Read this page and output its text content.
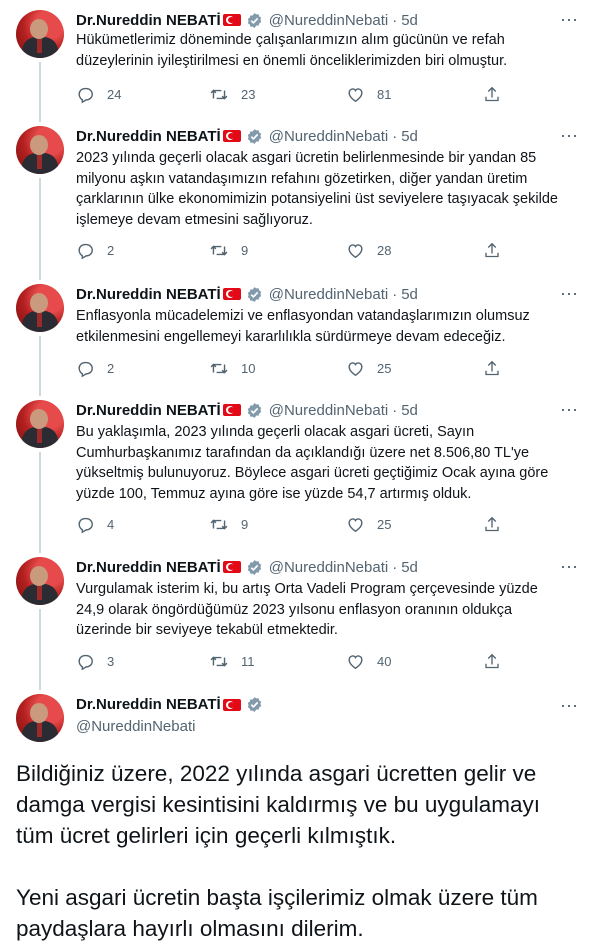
Dr.Nureddin NEBATİ	@NureddinNebati · 5d	⋯
Hükümetlerimiz döneminde çalışanlarımızın alım gücünün ve refah
düzeylerinin iyileştirilmesi en önemli önceliklerimizden biri olmuştur.
24	23	81
Dr.Nureddin NEBATİ	@NureddinNebati · 5d	⋯
2023 yılında geçerli olacak asgari ücretin belirlenmesinde bir yandan 85
milyonu aşkın vatandaşımızın refahını gözetirken, diğer yandan üretim
çarklarının ülke ekonomimizin potansiyelini üst seviyelere taşıyacak şekilde
işlemeye devam etmesini sağlıyoruz.
2	9	28
Dr.Nureddin NEBATİ	@NureddinNebati · 5d	⋯
Enflasyonla mücadelemizi ve enflasyondan vatandaşlarımızın olumsuz
etkilenmesini engellemeyi kararlılıkla sürdürmeye devam edeceğiz.
2	10	25
Dr.Nureddin NEBATİ	@NureddinNebati · 5d	⋯
Bu yaklaşımla, 2023 yılında geçerli olacak asgari ücreti, Sayın
Cumhurbaşkanımız tarafından da açıklandığı üzere net 8.506,80 TL'ye
yükseltmiş bulunuyoruz. Böylece asgari ücreti geçtiğimiz Ocak ayına göre
yüzde 100, Temmuz ayına göre ise yüzde 54,7 artırmış olduk.
4	9	25
Dr.Nureddin NEBATİ	@NureddinNebati · 5d	⋯
Vurgulamak isterim ki, bu artış Orta Vadeli Program çerçevesinde yüzde
24,9 olarak öngördüğümüz 2023 yılsonu enflasyon oranının oldukça
üzerinde bir seviyeye tekabül etmektedir.
3	11	40
Dr.Nureddin NEBATİ
@NureddinNebati
⋯
Bildiğiniz üzere, 2022 yılında asgari ücretten gelir ve
damga vergisi kesintisini kaldırmış ve bu uygulamayı
tüm ücret gelirleri için geçerli kılmıştık.
Yeni asgari ücretin başta işçilerimiz olmak üzere tüm
paydaşlara hayırlı olmasını dilerim.
